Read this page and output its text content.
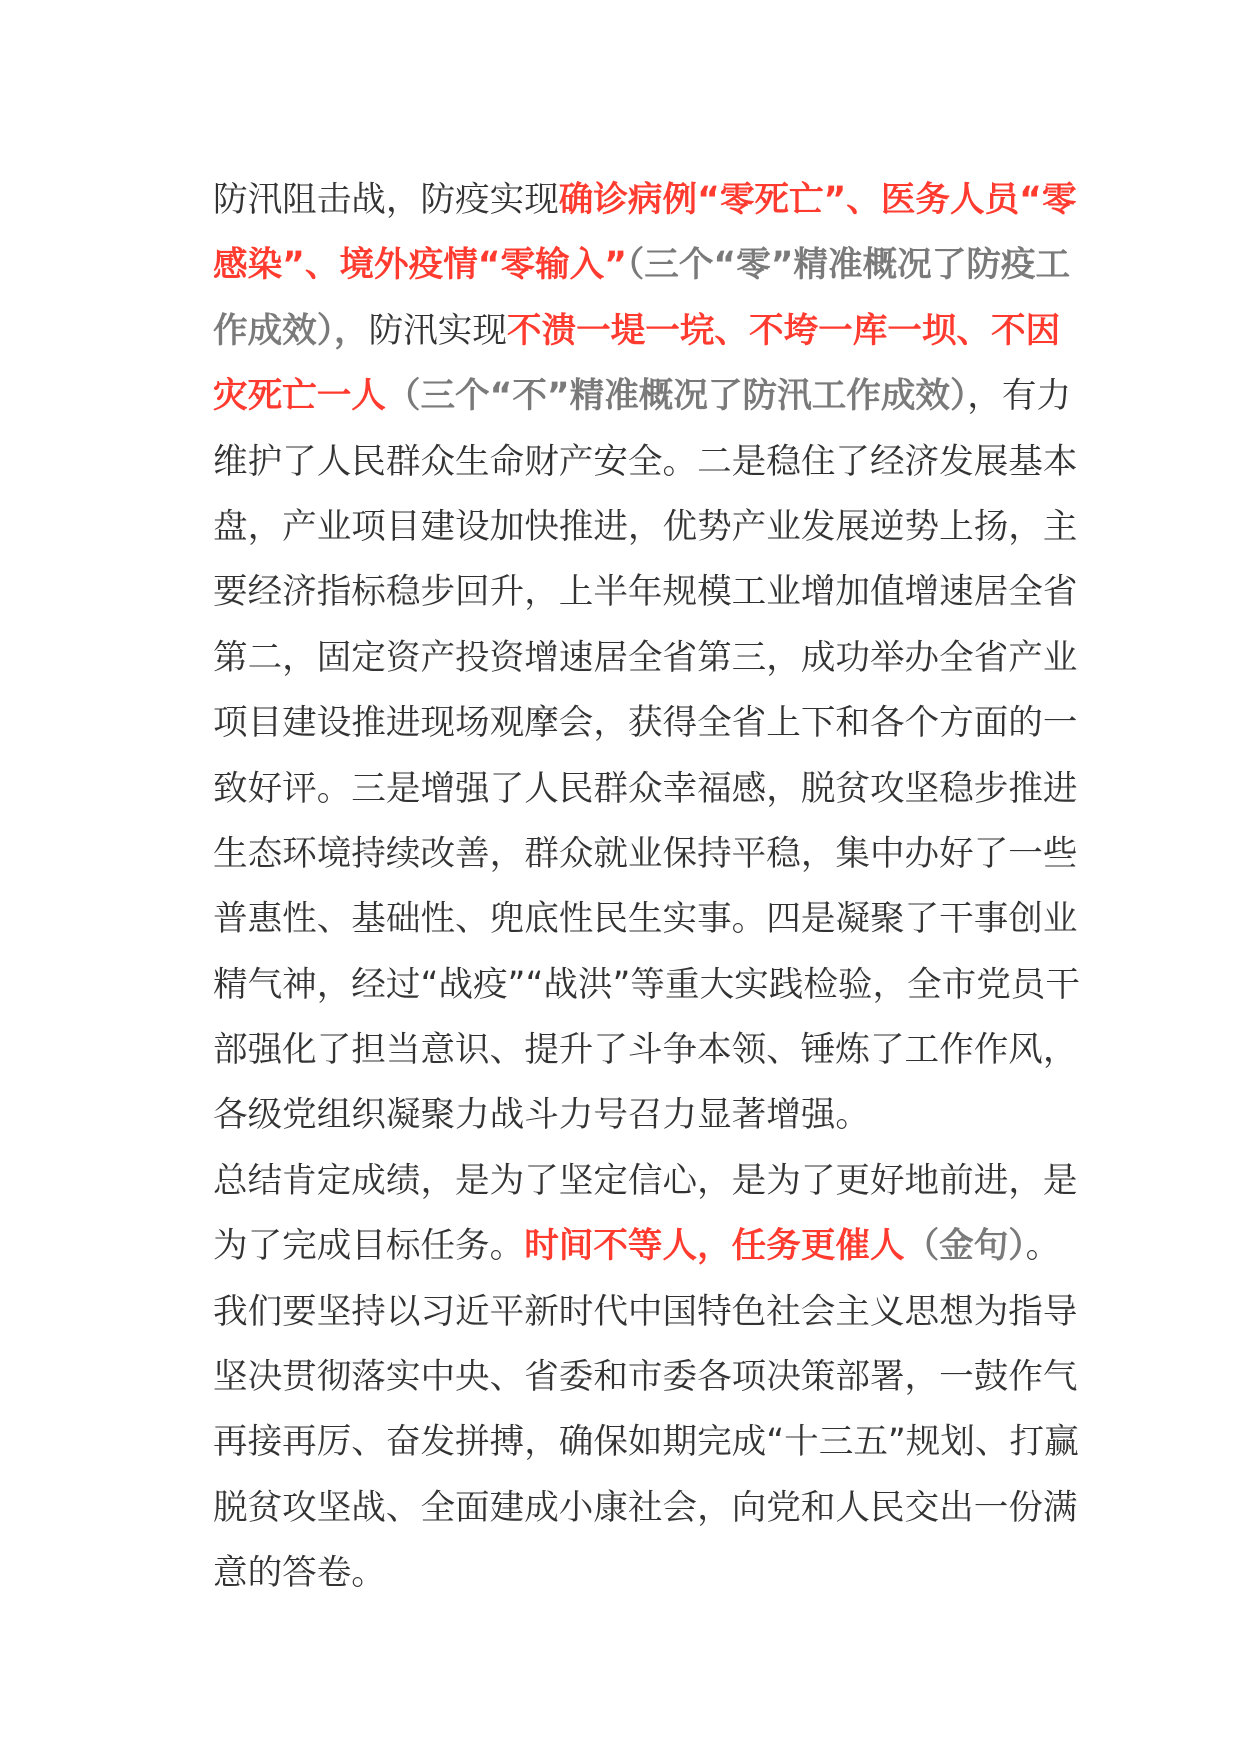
防汛阻击战，防疫实现确诊病例“零死亡”、医务人员“零
感染”、境外疫情“零输入”（三个“零”精准概况了防疫工
作成效），防汛实现不溃一堤一垸、不垮一库一坝、不因
灾死亡一人（三个“不”精准概况了防汛工作成效），有力
维护了人民群众生命财产安全。二是稳住了经济发展基本
盘，产业项目建设加快推进，优势产业发展逆势上扬，主
要经济指标稳步回升，上半年规模工业增加值增速居全省
第二，固定资产投资增速居全省第三，成功举办全省产业
项目建设推进现场观摩会，获得全省上下和各个方面的一
致好评。三是增强了人民群众幸福感，脱贫攻坚稳步推进
生态环境持续改善，群众就业保持平稳，集中办好了一些
普惠性、基础性、兜底性民生实事。四是凝聚了干事创业
精气神，经过“战疫”“战洪”等重大实践检验，全市党员干
部强化了担当意识、提升了斗争本领、锤炼了工作作风，
各级党组织凝聚力战斗力号召力显著增强。
总结肯定成绩，是为了坚定信心，是为了更好地前进，是
为了完成目标任务。时间不等人，任务更催人（金句）。
我们要坚持以习近平新时代中国特色社会主义思想为指导
坚决贯彻落实中央、省委和市委各项决策部署，一鼓作气
再接再厉、奋发拼搏，确保如期完成“十三五”规划、打赢
脱贫攻坚战、全面建成小康社会，向党和人民交出一份满
意的答卷。
